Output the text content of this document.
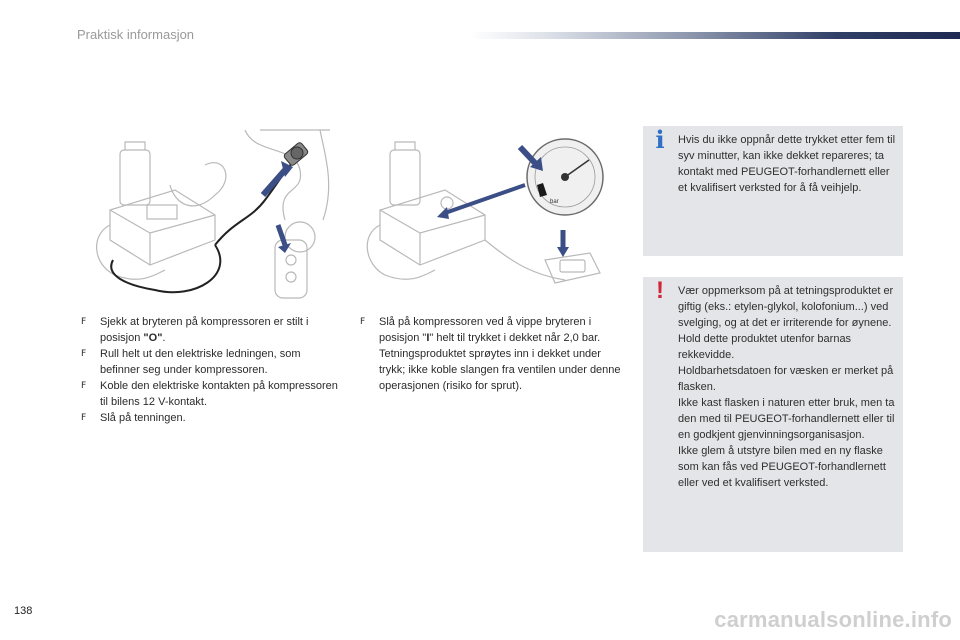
Praktisk informasjon
bar
F Sjekk at bryteren på kompressoren er stilt i posisjon "O".
F Rull helt ut den elektriske ledningen, som befinner seg under kompressoren.
F Koble den elektriske kontakten på kompressoren til bilens 12 V-kontakt.
F Slå på tenningen.
F Slå på kompressoren ved å vippe bryteren i posisjon "I" helt til trykket i dekket når 2,0 bar.
Tetningsproduktet sprøytes inn i dekket under trykk; ikke koble slangen fra ventilen under denne operasjonen (risiko for sprut).
i	Hvis du ikke oppnår dette trykket etter fem til syv minutter, kan ikke dekket repareres; ta kontakt med PEUGEOT-forhandlernett eller et kvalifisert verksted for å få veihjelp.

!	Vær oppmerksom på at tetningsproduktet er giftig (eks.: etylen-glykol, kolofonium...) ved svelging, og at det er irriterende for øynene.

Hold dette produktet utenfor barnas rekkevidde.

Holdbarhetsdatoen for væsken er merket på flasken.

Ikke kast flasken i naturen etter bruk, men ta den med til PEUGEOT-forhandlernett eller til en godkjent gjenvinningsorganisasjon.

Ikke glem å utstyre bilen med en ny flaske som kan fås ved PEUGEOT-forhandlernett eller ved et kvalifisert verksted.

138	carmanualsonline.info
